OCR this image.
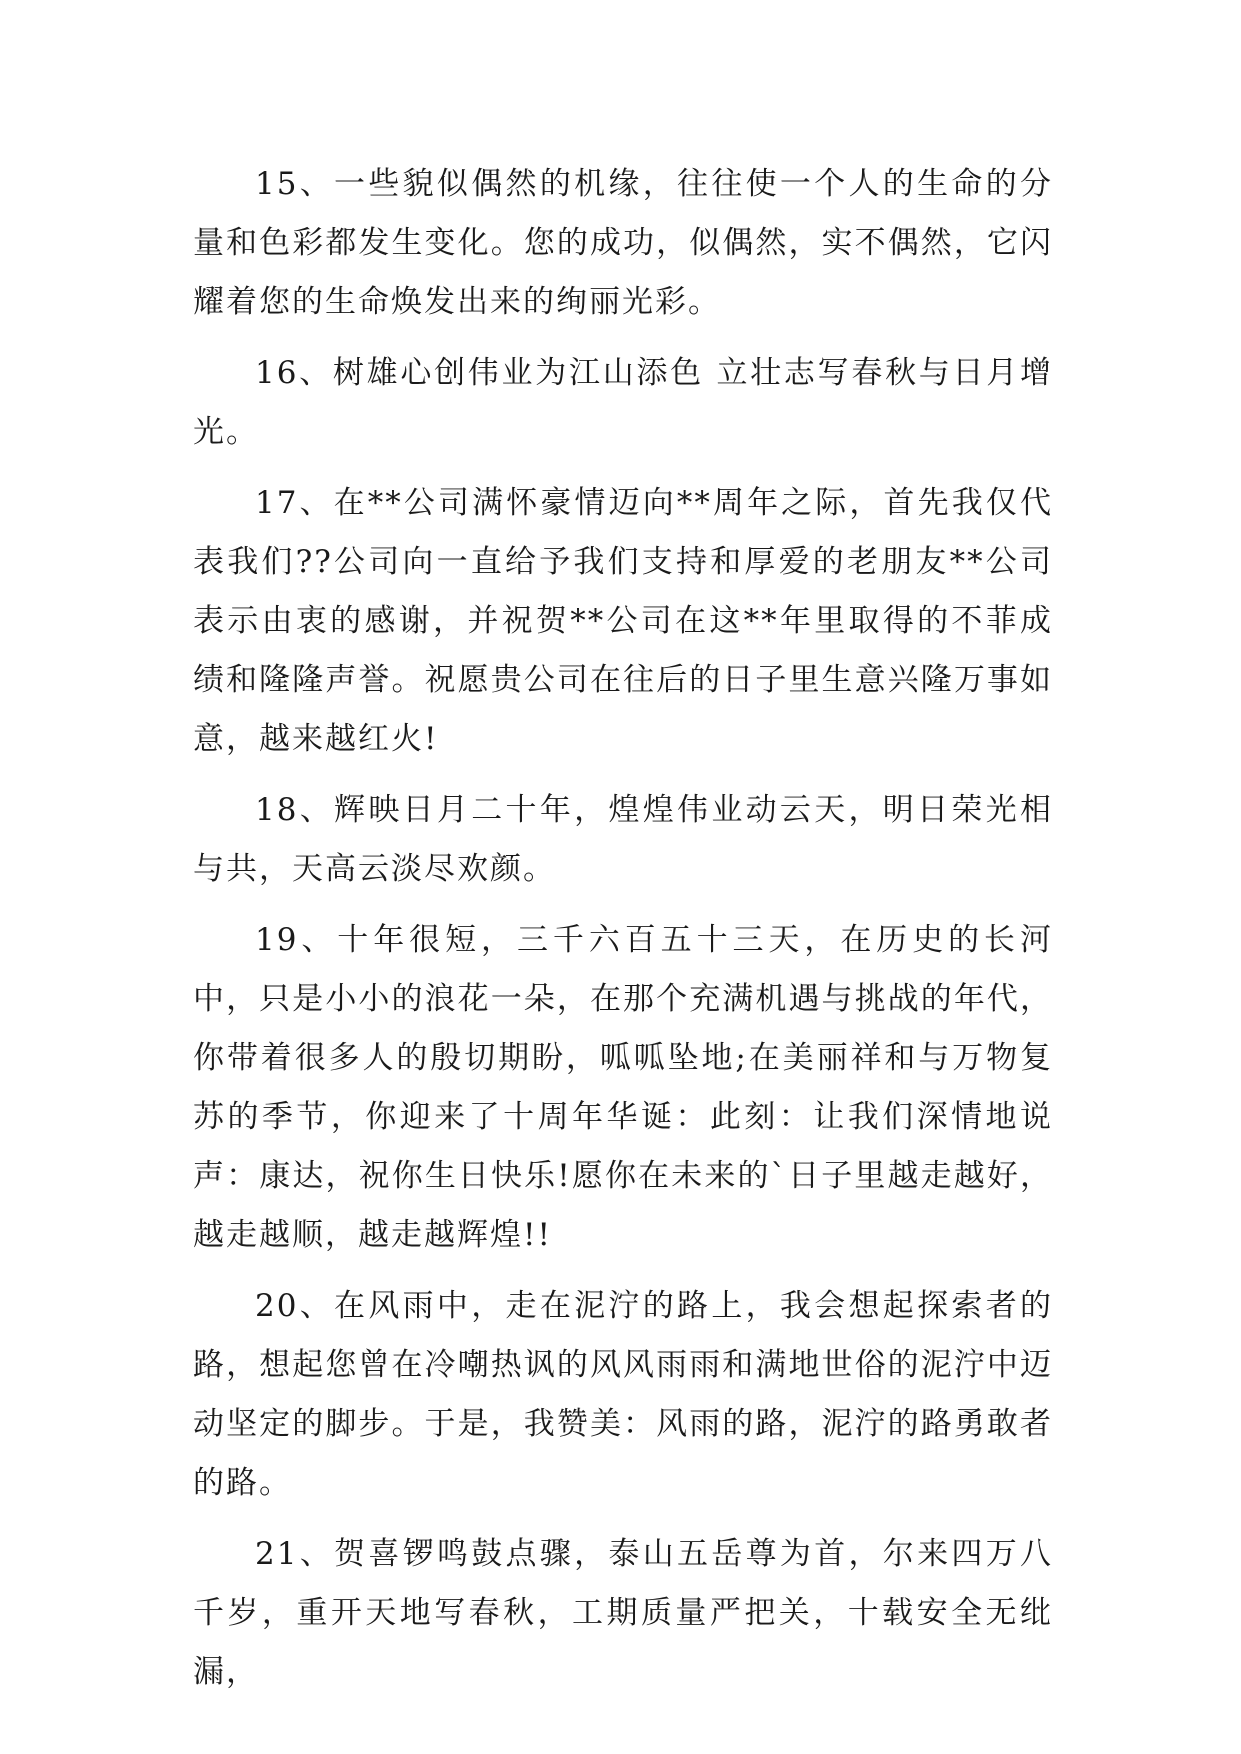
15、一些貌似偶然的机缘，往往使一个人的生命的分量和色彩都发生变化。您的成功，似偶然，实不偶然，它闪耀着您的生命焕发出来的绚丽光彩。

16、树雄心创伟业为江山添色 立壮志写春秋与日月增光。

17、在**公司满怀豪情迈向**周年之际，首先我仅代表我们??公司向一直给予我们支持和厚爱的老朋友**公司表示由衷的感谢，并祝贺**公司在这**年里取得的不菲成绩和隆隆声誉。祝愿贵公司在往后的日子里生意兴隆万事如意，越来越红火!

18、辉映日月二十年，煌煌伟业动云天，明日荣光相与共，天高云淡尽欢颜。

19、十年很短，三千六百五十三天，在历史的长河中，只是小小的浪花一朵，在那个充满机遇与挑战的年代，你带着很多人的殷切期盼，呱呱坠地;在美丽祥和与万物复苏的季节，你迎来了十周年华诞：此刻：让我们深情地说声：康达，祝你生日快乐!愿你在未来的`日子里越走越好，越走越顺，越走越辉煌!!

20、在风雨中，走在泥泞的路上，我会想起探索者的路，想起您曾在冷嘲热讽的风风雨雨和满地世俗的泥泞中迈动坚定的脚步。于是，我赞美：风雨的路，泥泞的路勇敢者的路。

21、贺喜锣鸣鼓点骤，泰山五岳尊为首，尔来四万八千岁，重开天地写春秋，工期质量严把关，十载安全无纰漏，
